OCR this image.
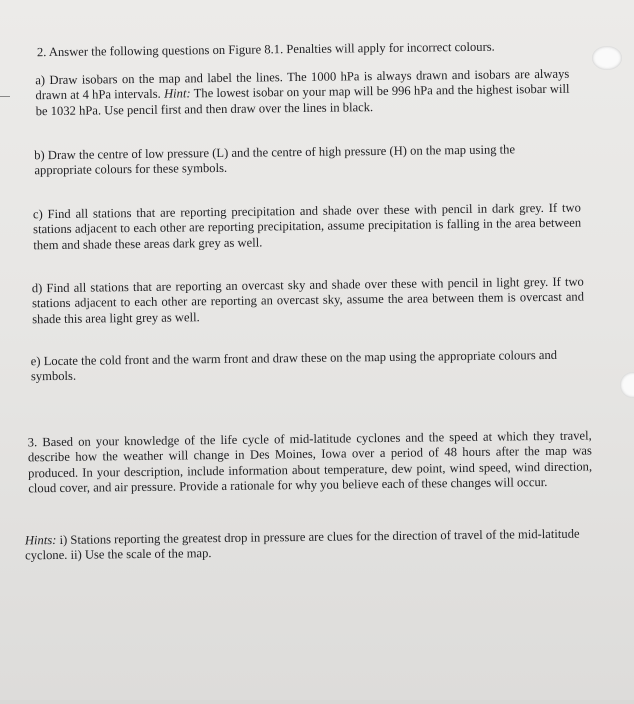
2. Answer the following questions on Figure 8.1. Penalties will apply for incorrect colours.

a) Draw isobars on the map and label the lines. The 1000 hPa is always drawn and isobars are always drawn at 4 hPa intervals. Hint: The lowest isobar on your map will be 996 hPa and the highest isobar will be 1032 hPa. Use pencil first and then draw over the lines in black.

b) Draw the centre of low pressure (L) and the centre of high pressure (H) on the map using the appropriate colours for these symbols.

c) Find all stations that are reporting precipitation and shade over these with pencil in dark grey. If two stations adjacent to each other are reporting precipitation, assume precipitation is falling in the area between them and shade these areas dark grey as well.

d) Find all stations that are reporting an overcast sky and shade over these with pencil in light grey. If two stations adjacent to each other are reporting an overcast sky, assume the area between them is overcast and shade this area light grey as well.

e) Locate the cold front and the warm front and draw these on the map using the appropriate colours and symbols.

3. Based on your knowledge of the life cycle of mid-latitude cyclones and the speed at which they travel, describe how the weather will change in Des Moines, Iowa over a period of 48 hours after the map was produced. In your description, include information about temperature, dew point, wind speed, wind direction, cloud cover, and air pressure. Provide a rationale for why you believe each of these changes will occur.

Hints: i) Stations reporting the greatest drop in pressure are clues for the direction of travel of the mid-latitude cyclone. ii) Use the scale of the map.
